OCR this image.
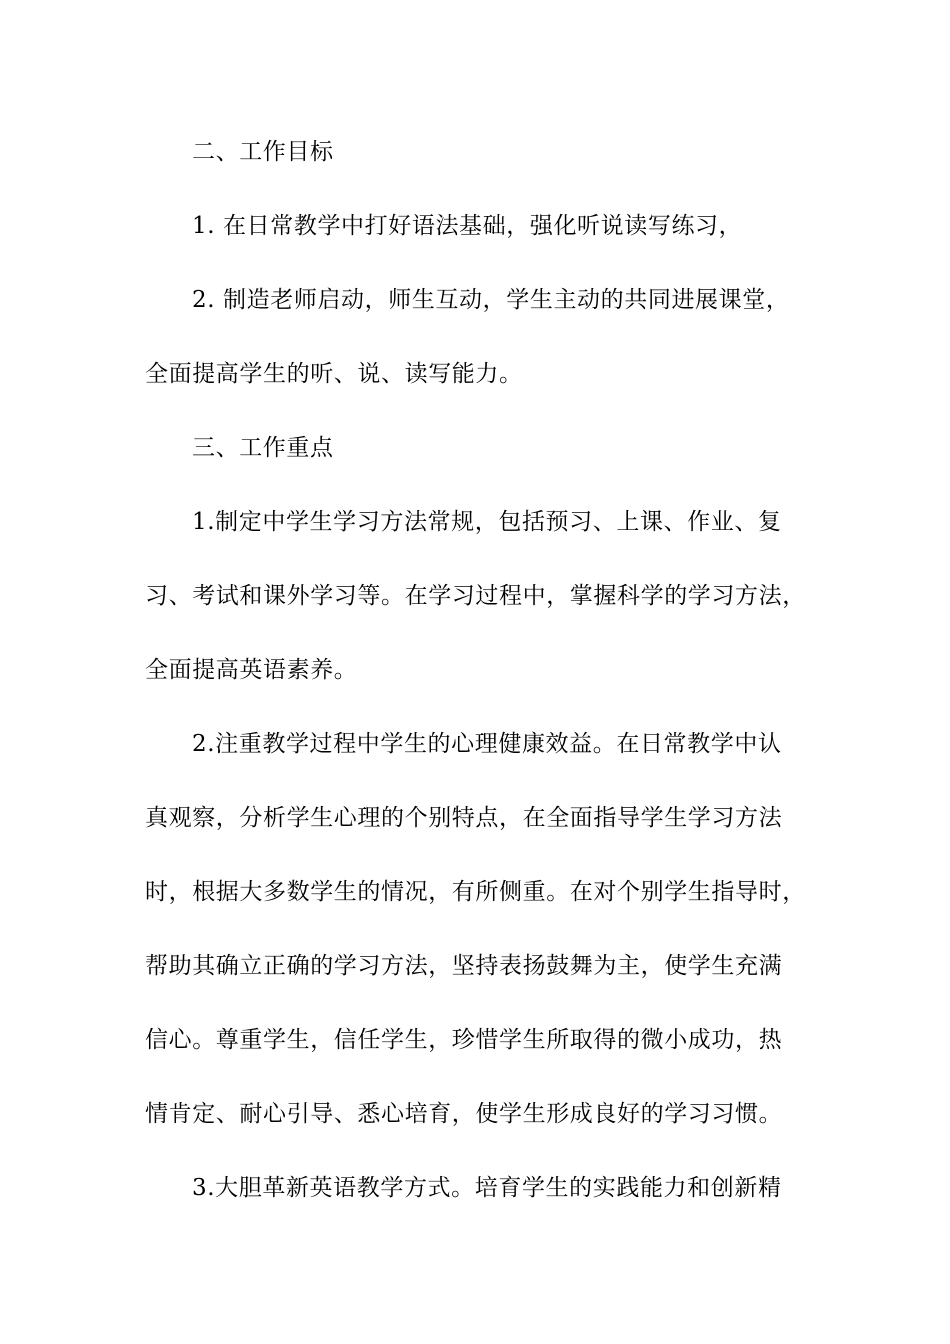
二、工作目标
1. 在日常教学中打好语法基础，强化听说读写练习，
2. 制造老师启动，师生互动，学生主动的共同进展课堂，
全面提高学生的听、说、读写能力。
三、工作重点
1.制定中学生学习方法常规，包括预习、上课、作业、复
习、考试和课外学习等。在学习过程中，掌握科学的学习方法，
全面提高英语素养。
2.注重教学过程中学生的心理健康效益。在日常教学中认
真观察，分析学生心理的个别特点，在全面指导学生学习方法
时，根据大多数学生的情况，有所侧重。在对个别学生指导时，
帮助其确立正确的学习方法，坚持表扬鼓舞为主，使学生充满
信心。尊重学生，信任学生，珍惜学生所取得的微小成功，热
情肯定、耐心引导、悉心培育，使学生形成良好的学习习惯。
3.大胆革新英语教学方式。培育学生的实践能力和创新精
